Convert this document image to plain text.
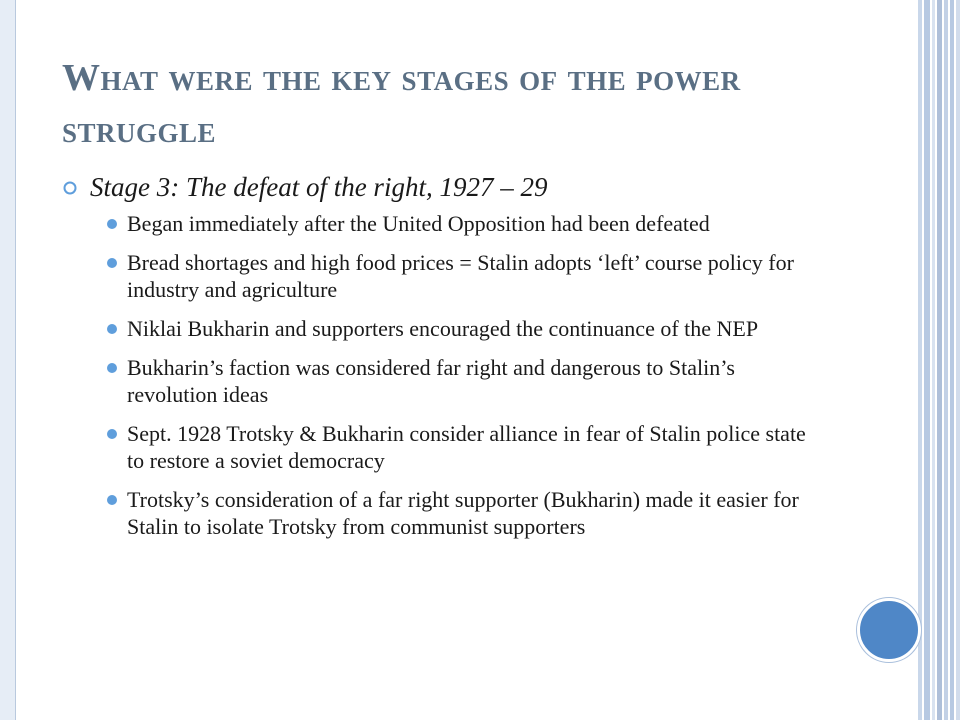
What were the key stages of the power struggle
Stage 3: The defeat of the right, 1927 – 29
Began immediately after the United Opposition had been defeated
Bread shortages and high food prices = Stalin adopts ‘left’ course policy for industry and agriculture
Niklai Bukharin and supporters encouraged the continuance of the NEP
Bukharin’s faction was considered far right and dangerous to Stalin’s revolution ideas
Sept. 1928 Trotsky & Bukharin consider alliance in fear of Stalin police state to restore a soviet democracy
Trotsky’s consideration of a far right supporter (Bukharin) made it easier for Stalin to isolate Trotsky from communist supporters
